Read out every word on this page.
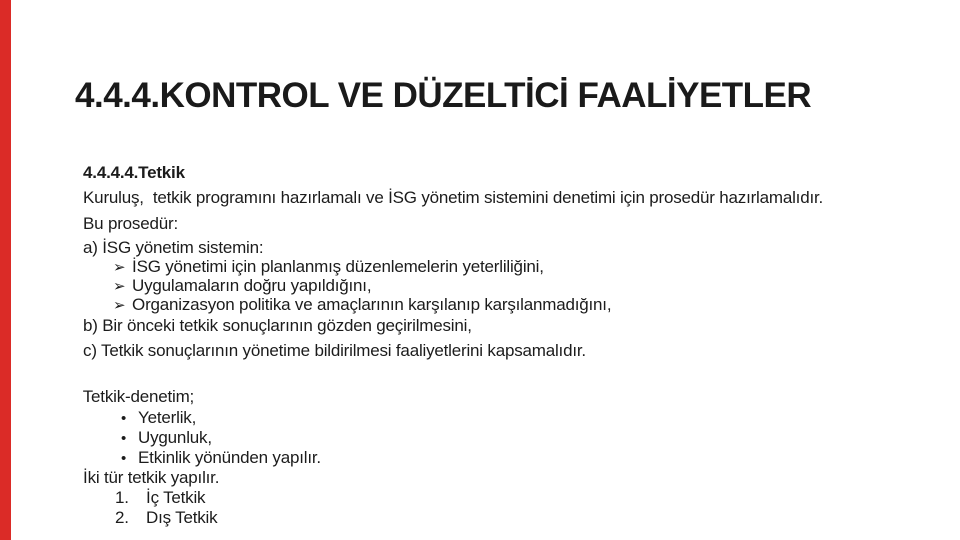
4.4.4.KONTROL VE DÜZELTİCİ FAALİYETLER

4.4.4.4.Tetkik

Kuruluş,  tetkik programını hazırlamalı ve İSG yönetim sistemini denetimi için prosedür hazırlamalıdır.

Bu prosedür:

a) İSG yönetim sistemin:

➢ İSG yönetimi için planlanmış düzenlemelerin yeterliliğini,

➢ Uygulamaların doğru yapıldığını,

➢ Organizasyon politika ve amaçlarının karşılanıp karşılanmadığını,

b) Bir önceki tetkik sonuçlarının gözden geçirilmesini,

c) Tetkik sonuçlarının yönetime bildirilmesi faaliyetlerini kapsamalıdır.

Tetkik-denetim;

• Yeterlik,

• Uygunluk,

• Etkinlik yönünden yapılır.

İki tür tetkik yapılır.

1. İç Tetkik

2. Dış Tetkik
